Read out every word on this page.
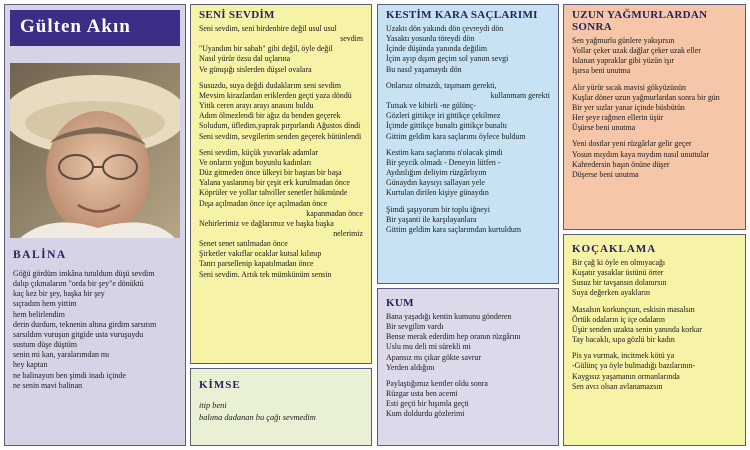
Gülten Akın
BALİNA
Göğü gördüm imkâna tutuldum düşü sevdim
dalıp çıkmalarım "orda bir şey"e dönüktü
kaç kez bir şey, başka bir şey
sıçradım hem yittim
hem belirlendim
derin durdum, teknenin altına girdim sarsıtım
sarsıldım vuruşun gitgide usta vuruşuydu
sustum düşe düştüm
senin mi kan, yaralarımdan mı
hey kaptan
ne balinayım ben şimdi inadı içinde
ne senin mavi balinan
SENİ SEVDİM
Seni sevdim, seni birdenbire değil usul usul
sevdim
"Uyandım bir sabah" gibi değil, öyle değil
Nasıl yürür özsu dal uçlarına
Ve günışığı sislerden düşsel ovalara
Susuzdu, suya değdi dudaklarım seni sevdim
Mevsim kirazlardan eriklerden geçti yaza döndü
Yitik ceren arayı arayı anasını buldu
Adım ölmezlendi bir ağız da benden geçerek
Soludum, üfledim,yaprak pırpırlandı Ağustos dindi
Seni sevdim, sevgilerim senden geçerek bütünlendi
Seni sevdim, küçük yuvarlak adamlar
Ve onların yoğun boyunlu kadınları
Düz gitmeden önce ülkeyi bir baştan bir başa
Yalana yaslanmış bir çeşit erk kurulmadan önce
Köprüler ve yollar tahviller senetler hükmünde
Dışa açılmadan önce içe açılmadan önce
kapanmadan önce
Nehirlerimiz ve dağlarımız ve başka başka
nelerimiz
Senet senet satılmadan önce
Şirketler vakıflar ocaklar kutsal kılınıp
Tanrı parsellenip kapatılmadan önce
Seni sevdim. Artık tek mümkünüm sensin
KİMSE
itip beni
balıma dadanan bu çağı sevmedim
KESTİM KARA SAÇLARIMI
Uzaktı dön yakındı dön çevreydi dön
Yasaktı yosunlu töreydi dön
İçinde düşünda yanında değilim
İçim ayıp dışım geçim sol yanım sevgi
Bu nasıl yaşamaydı dön
Onlarsız olmazdı, taşımam gerekti,
kullanmam gerekti
Tutsak ve kibirli -ne gülünç-
Gözleri gittikçe iri gittikçe çekilmez
İçimde gittikçe bunaltı gittikçe bunaltı
Gittim geldim kara saçlarımı öylece buldum
Kestim kara saçlarımı n'olacak şimdi
Bir şeycik olmadı - Deneyin lütfen -
Aydınlığım deliyim rüzgârlıyım
Günaydın kaysıyı sallayan yele
Kurtulan dirilen kişiye günaydın
Şimdi şaşıyorum bir toplu iğneyi
Bir yaşanti ile karşılayanlara
Gittim geldim kara saçlarımdan kurtuldum
KUM
Bana yaşadığı kentin kumunu gönderen
Bir sevgilim vardı
Bense merak ederdim hep oranın rüzgârını
Uslu mu deli mi sürekli mi
Apansız mı çıkar gökte savrur
Yerden aldığını
Paylaştığımız kentler oldu sonra
Rüzgar usta ben acemi
Esti geçti bir hışımla geçti
Kum doldurdu gözlerimi
UZUN YAĞMURLARDAN SONRA
Sen yağmurlu günlere yakışırsın
Yollar çeker uzak dağlar çeker uzak eller
Islanan yapraklar gibi yüzün işır
Işırsa beni unutma
Alır yürür sıcak mavisi gökyüzünün
Kuşlar döner uzun yağmurlardan sonra bir gün
Bir yer sızlar yanar içinde büsbütün
Her şeye rağmen ellerin üşür
Üşürse beni unutma
Yeni dostlar yeni rüzgârlar gelir geçer
Yosun mıydım kaya mıydım nasıl unuttular
Kahredersin başın önüne düşer
Düşerse beni unutma
KOÇAKLAMA
Bir çağ ki öyle en olmıyacağı
Kuşatır yasaklar üstünü örter
Susuz bir tavşansın dolanırsın
Suya değerken ayakların
Masalsın korkunçsun, eskisin masalsın
Örtük odaların iç içe odaların
Üşür senden uzakta senin yanında korkar
Tay bacaklı, sıpa gözlü bir kadın
Pis ya vurmak, incitmek kötü ya
-Gülünç ya öyle bulmadığı bazılarının-
Kaygısız yaşamanın ormanlarında
Sen avcı olsan avlanamazsın
